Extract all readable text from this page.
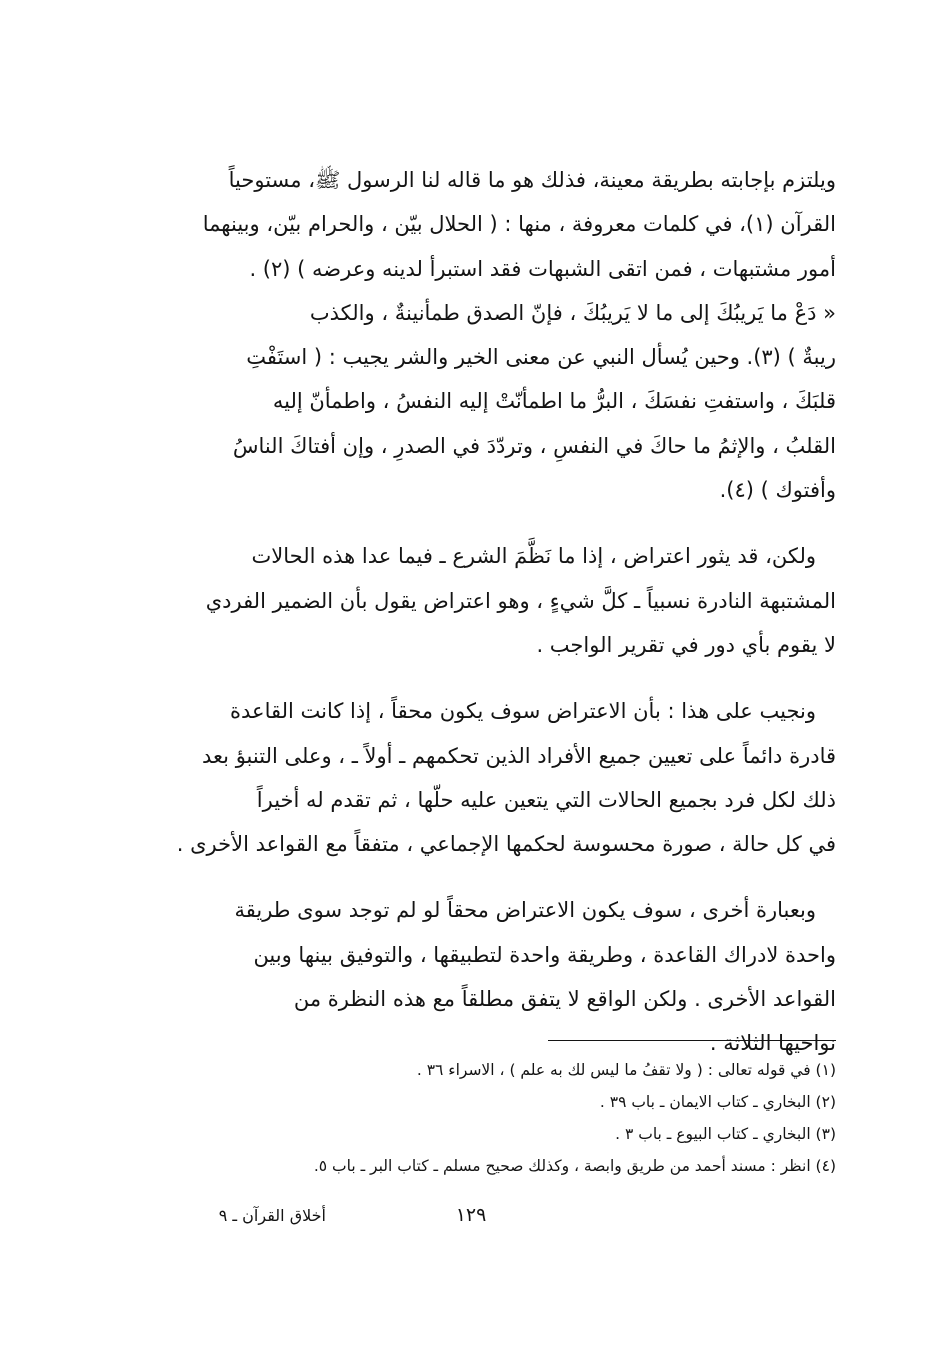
ويلتزم بإجابته بطريقة معينة، فذلك هو ما قاله لنا الرسول ﷺ، مستوحياً

القرآن (١)، في كلمات معروفة ، منها : ( الحلال بيّن ، والحرام بيّن، وبينهما

أمور مشتبهات ، فمن اتقى الشبهات فقد استبرأ لدينه وعرضه ) (٢) .

« دَعْ ما يَريبُكَ إلى ما لا يَريبُكَ ، فإنّ الصدق طمأنينةٌ ، والكذب

ريبةٌ ) (٣). وحين يُسأل النبي عن معنى الخير والشر يجيب : ( استَفْتِ

قلبَكَ ، واستفتِ نفسَكَ ، البرُّ ما اطمأنّتْ إليه النفسُ ، واطمأنّ إليه

القلبُ ، والإثمُ ما حاكَ في النفسِ ، وتردّدَ في الصدرِ ، وإن أفتاكَ الناسُ

وأفتوك ) (٤).

ولكن، قد يثور اعتراض ، إذا ما نَظَّمَ الشرع ـ فيما عدا هذه الحالات

المشتبهة النادرة نسبياً ـ كلَّ شيءٍ ، وهو اعتراض يقول بأن الضمير الفردي

لا يقوم بأي دور في تقرير الواجب .

ونجيب على هذا : بأن الاعتراض سوف يكون محقاً ، إذا كانت القاعدة

قادرة دائماً على تعيين جميع الأفراد الذين تحكمهم ـ أولاً ـ ، وعلى التنبؤ بعد

ذلك لكل فرد بجميع الحالات التي يتعين عليه حلّها ، ثم تقدم له أخيراً

في كل حالة ، صورة محسوسة لحكمها الإجماعي ، متفقاً مع القواعد الأخرى .

وبعبارة أخرى ، سوف يكون الاعتراض محقاً لو لم توجد سوى طريقة

واحدة لادراك القاعدة ، وطريقة واحدة لتطبيقها ، والتوفيق بينها وبين

القواعد الأخرى . ولكن الواقع لا يتفق مطلقاً مع هذه النظرة من

نواحيها الثلاثة .

(١) في قوله تعالى : ( ولا تقفُ ما ليس لك به علم ) ، الاسراء ٣٦ .
(٢) البخاري ـ كتاب الايمان ـ باب ٣٩ .
(٣) البخاري ـ كتاب البيوع ـ باب ٣ .
(٤) انظر : مسند أحمد من طريق وابصة ، وكذلك صحيح مسلم ـ كتاب البر ـ باب ٥.
١٢٩
أخلاق القرآن ـ ٩
